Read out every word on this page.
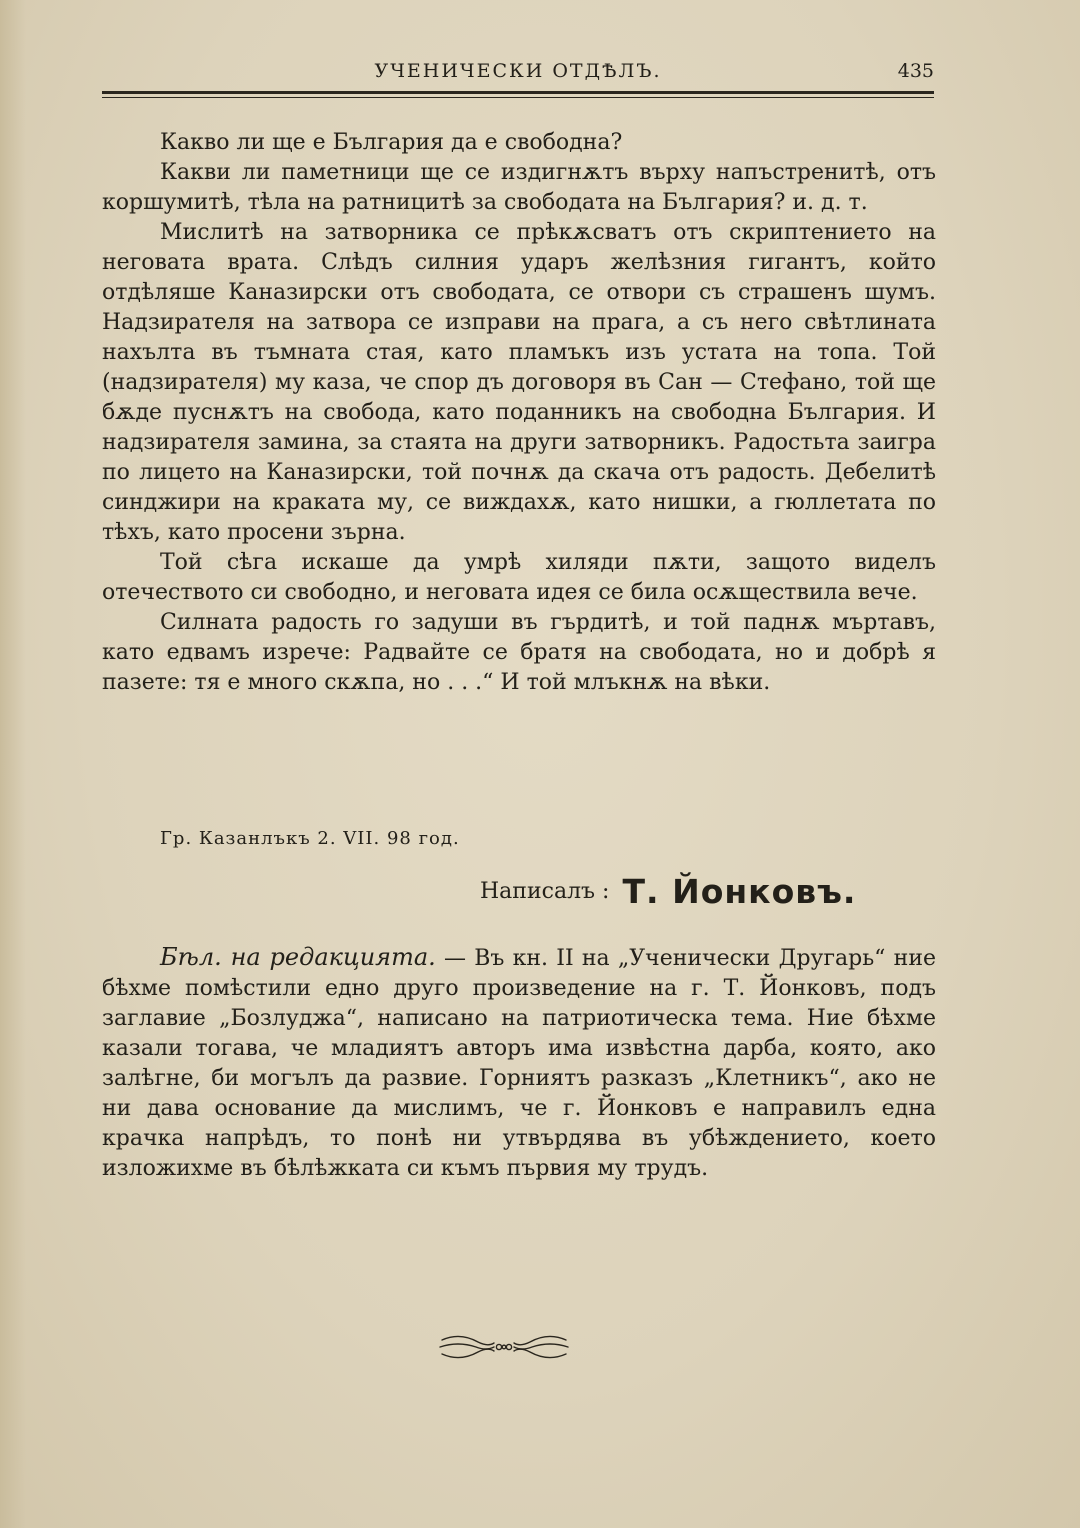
УЧЕНИЧЕСКИ ОТДѢЛЪ.	435

Какво ли ще е България да е свободна?

Какви ли паметници ще се издигнѫтъ върху напъстренитѣ, отъ коршумитѣ, тѣла на ратницитѣ за свободата на България? и. д. т.

Мислитѣ на затворника се прѣкѫсватъ отъ скриптението на неговата врата. Слѣдъ силния ударъ желѣзния гигантъ, който отдѣляше Каназирски отъ свободата, се отвори съ страшенъ шумъ. Надзирателя на затвора се изправи на прага, а съ него свѣтлината нахълта въ тъмната стая, като пламъкъ изъ устата на топа. Той (надзирателя) му каза, че спор дъ договоря въ Сан — Стефано, той ще бѫде пуснѫтъ на свобода, като поданникъ на свободна България. И надзирателя замина, за стаята на други затворникъ. Радостьта заигра по лицето на Каназирски, той почнѫ да скача отъ радость. Дебелитѣ синджири на краката му, се виждахѫ, като нишки, а гюллетата по тѣхъ, като просени зърна.

Той сѣга искаше да умрѣ хиляди пѫти, защото виделъ отечеството си свободно, и неговата идея се била осѫществила вече.

Силната радость го задуши въ гърдитѣ, и той паднѫ мъртавъ, като едвамъ изрече: Радвайте се братя на свободата, но и добрѣ я пазете: тя е много скѫпа, но . . .“ И той млъкнѫ на вѣки.

Гр. Казанлъкъ 2. VII. 98 год.
Написалъ : Т. Йонковъ.

Бѣл. на редакцията. — Въ кн. II на „Ученически Другарь“ ние бѣхме помѣстили едно друго произведение на г. Т. Йонковъ, подъ заглавие „Бозлуджа“, написано на патриотическа тема. Ние бѣхме казали тогава, че младиятъ авторъ има извѣстна дарба, която, ако залѣгне, би могълъ да развие. Горниятъ разказъ „Клетникъ“, ако не ни дава основание да мислимъ, че г. Йонковъ е направилъ една крачка напрѣдъ, то понѣ ни утвърдява въ убѣждението, което изложихме въ бѣлѣжката си къмъ първия му трудъ.
